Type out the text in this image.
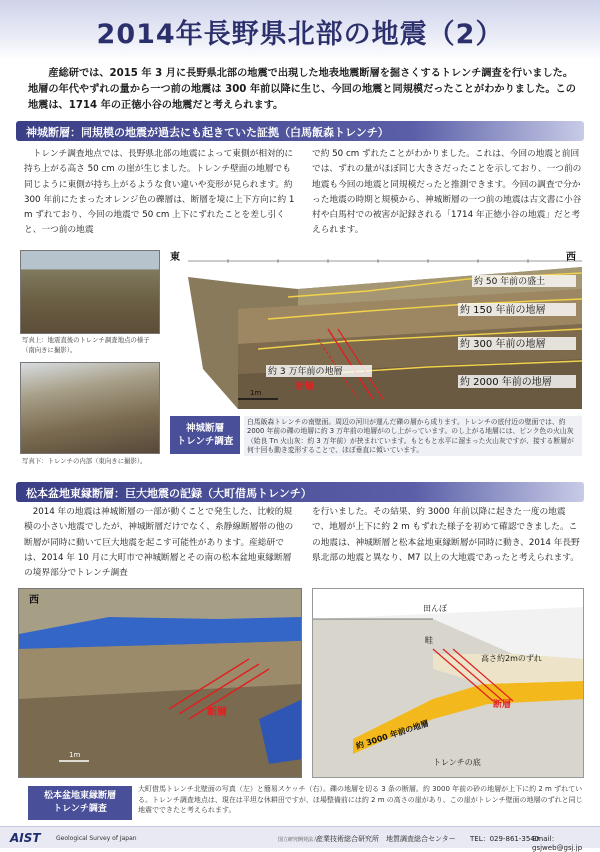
2014年長野県北部の地震（2）
産総研では、2015 年 3 月に長野県北部の地震で出現した地表地震断層を掘さくするトレンチ調査を行いました。地層の年代やずれの量から一つ前の地震は 300 年前以降に生じ、今回の地震と同規模だったことがわかりました。この地震は、1714 年の正徳小谷の地震だと考えられます。
神城断層：同規模の地震が過去にも起きていた証拠（白馬飯森トレンチ）
トレンチ調査地点では、長野県北部の地震によって東側が相対的に持ち上がる高さ 50 cm の崖が生じました。トレンチ壁面の地層でも同じように東側が持ち上がるような食い違いや変形が見られます。約 300 年前にたまったオレンジ色の礫層は、断層を境に上下方向に約 1 m ずれており、今回の地震で 50 cm 上下にずれたことを差し引くと、一つ前の地震
で約 50 cm ずれたことがわかりました。これは、今回の地震と前回では、ずれの量がほぼ同じ大きさだったことを示しており、一つ前の地震も今回の地震と同規模だったと推測できます。今回の調査で分かった地震の時期と規模から、神城断層の一つ前の地震は古文書に小谷村や白馬村での被害が記録される「1714 年正徳小谷の地震」だと考えられます。
写真上：地震直後のトレンチ調査地点の様子（南向きに撮影）。
写真下：トレンチの内部（東向きに撮影）。
東	西
約 50 年前の盛土
約 150 年前の地層
約 300 年前の地層
約 2000 年前の地層
約 3 万年前の地層
断層
1m
神城断層
トレンチ調査
白馬飯森トレンチの南壁面。周辺の河川が運んだ礫の層から成ります。トレンチの底付近の壁面では、約 2000 年前の礫の地層に約 3 万年前の地層がのし上がっています。のし上がる地層には、ピンク色の火山灰（姶良 Tn 火山灰：約 3 万年前）が挟まれています。もともと水平に溜まった火山灰ですが、接する断層が何十回も動き変形することで、ほぼ垂直に傾いています。
松本盆地東縁断層：巨大地震の記録（大町借馬トレンチ）
2014 年の地震は神城断層の一部が動くことで発生した、比較的規模の小さい地震でしたが、神城断層だけでなく、糸静線断層帯の他の断層が同時に動いて巨大地震を起こす可能性があります。産総研では、2014 年 10 月に大町市で神城断層とその南の松本盆地東縁断層の境界部分でトレンチ調査
を行いました。その結果、約 3000 年前以降に起きた一度の地震で、地層が上下に約 2 m もずれた様子を初めて確認できました。この地震は、神城断層と松本盆地東縁断層が同時に動き、2014 年長野県北部の地震と異なり、M7 以上の大地震であったと考えられます。
西
断層
1m
田んぼ
畦
高さ約2mのずれ
断層
約 3000 年前の地層
トレンチの底
松本盆地東縁断層
トレンチ調査
大町借馬トレンチ北壁面の写真（左）と簡易スケッチ（右）。礫の地層を切る 3 条の断層。約 3000 年前の砂の地層が上下に約 2 m ずれている。トレンチ調査地点は、現在は平坦な休耕田ですが、ほ場整備前には約 2 m の高さの崖があり、この崖がトレンチ壁面の地層のずれと同じ地震でできたと考えられます。
AIST	Geological Survey of Japan	国立研究開発法人
産業技術総合研究所　地質調査総合センター TEL：029-861-3540
Email：gsjweb@gsj.jp
